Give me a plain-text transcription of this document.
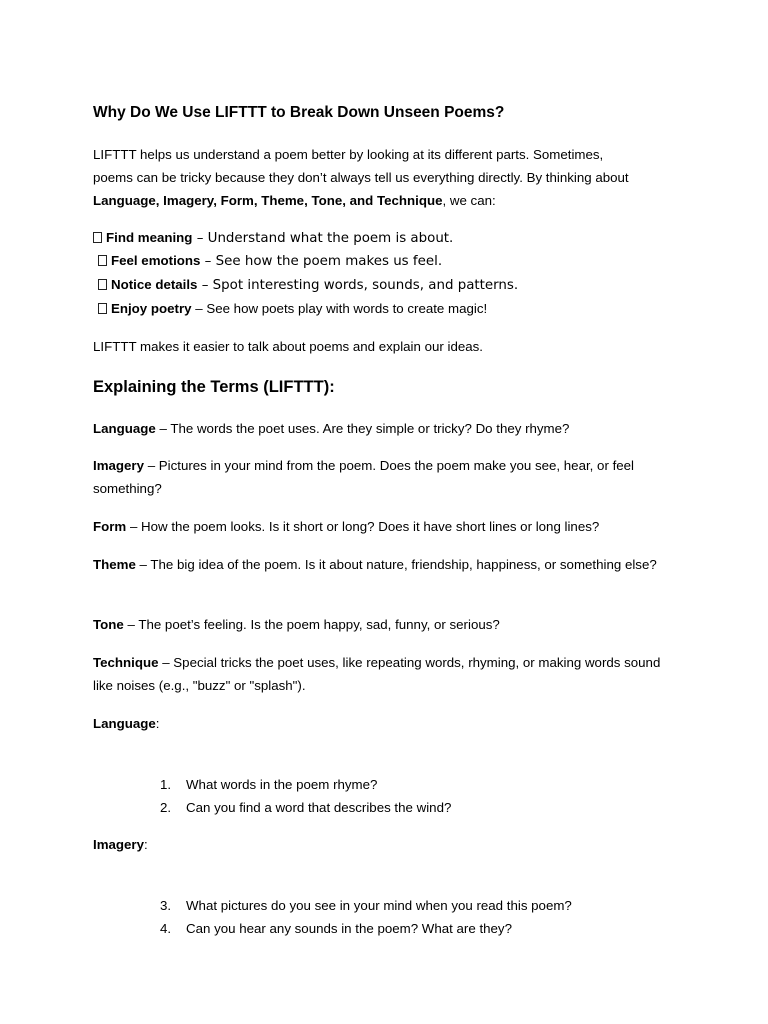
Why Do We Use LIFTTT to Break Down Unseen Poems?
LIFTTT helps us understand a poem better by looking at its different parts. Sometimes,
poems can be tricky because they don’t always tell us everything directly. By thinking about
Language, Imagery, Form, Theme, Tone, and Technique, we can:
Find meaning – Understand what the poem is about.
Feel emotions – See how the poem makes us feel.
Notice details – Spot interesting words, sounds, and patterns.
Enjoy poetry – See how poets play with words to create magic!
LIFTTT makes it easier to talk about poems and explain our ideas.
Explaining the Terms (LIFTTT):
Language – The words the poet uses. Are they simple or tricky? Do they rhyme?
Imagery – Pictures in your mind from the poem. Does the poem make you see, hear, or feel something?
Form – How the poem looks. Is it short or long? Does it have short lines or long lines?
Theme – The big idea of the poem. Is it about nature, friendship, happiness, or something else?
Tone – The poet’s feeling. Is the poem happy, sad, funny, or serious?
Technique – Special tricks the poet uses, like repeating words, rhyming, or making words sound like noises (e.g., "buzz" or "splash").
Language:
1.	What words in the poem rhyme?
2.	Can you find a word that describes the wind?
Imagery:
3.	What pictures do you see in your mind when you read this poem?
4.	Can you hear any sounds in the poem? What are they?
